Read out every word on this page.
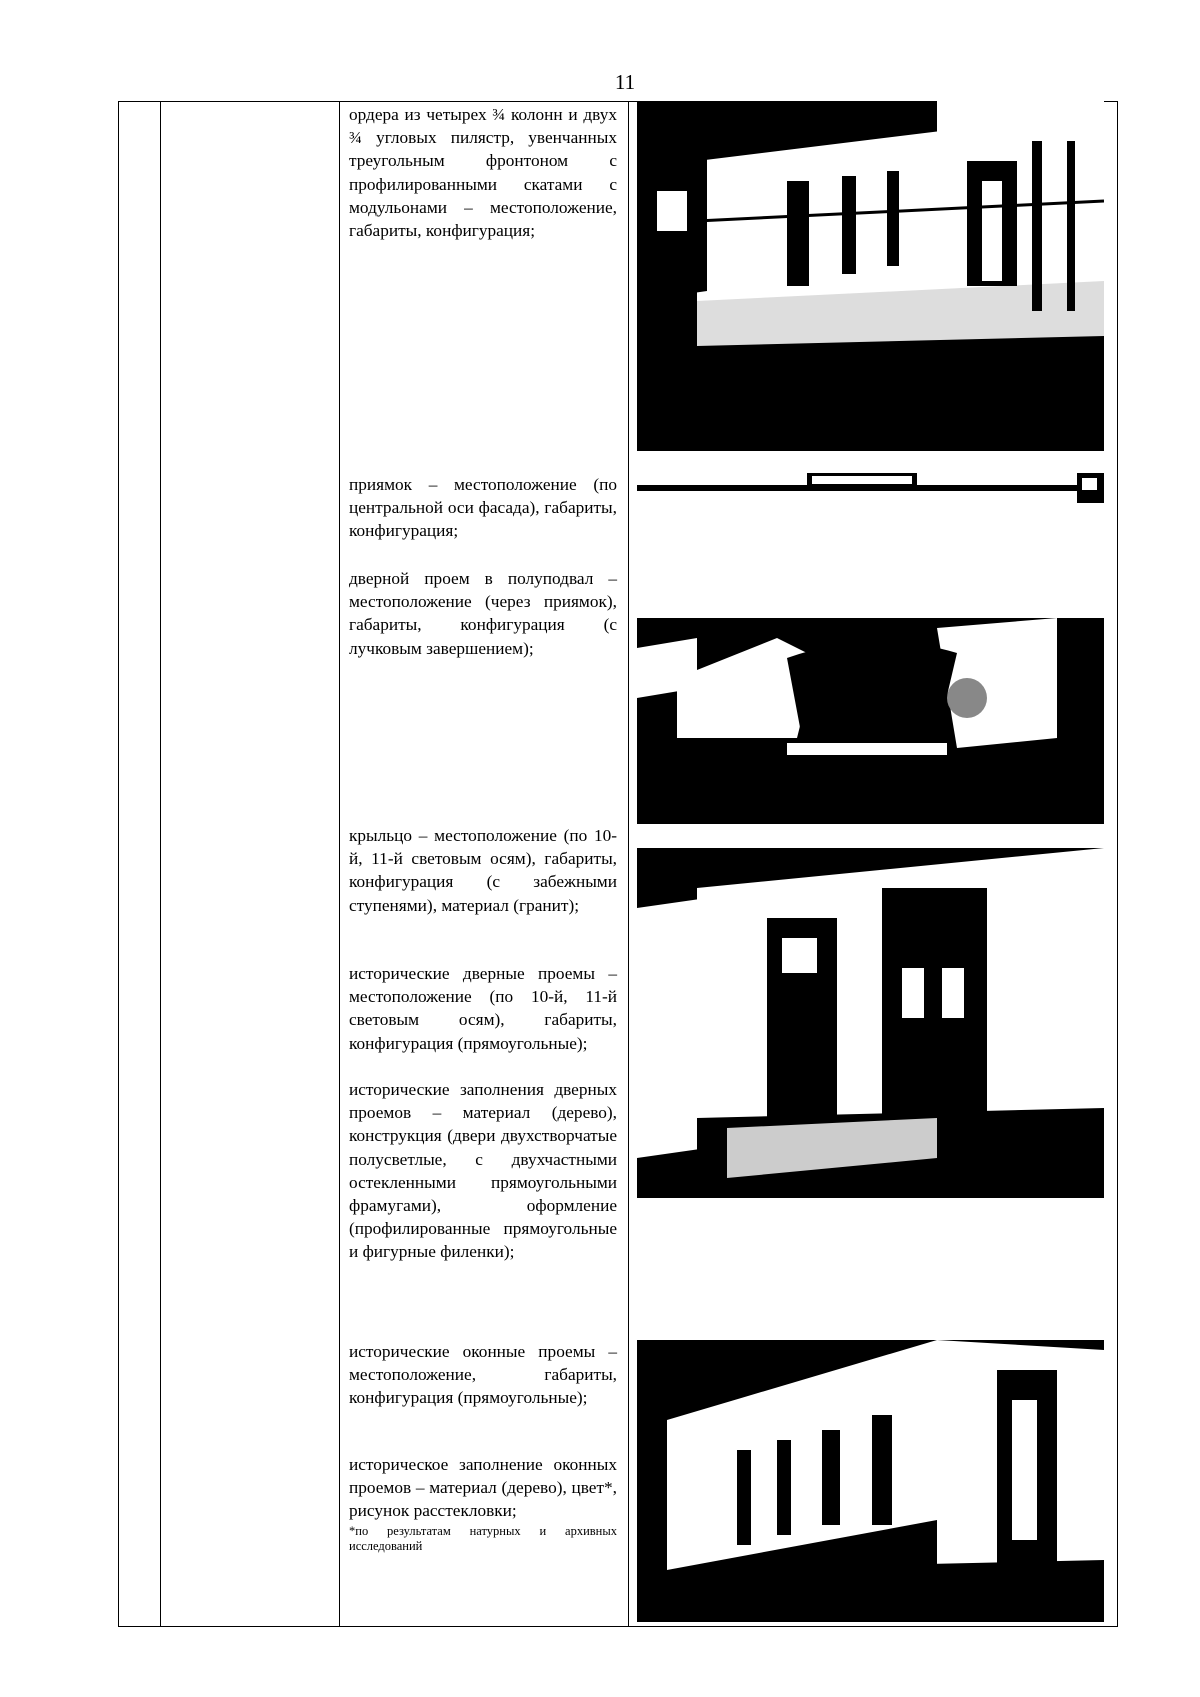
11
ордера из четырех ¾ колонн и двух ¾ угловых пилястр, увенчанных треугольным фронтоном с профилированными скатами с модульонами – местоположение, габариты, конфигурация;
приямок – местоположение (по центральной оси фасада), габариты, конфигурация;
дверной проем в полуподвал – местоположение (через приямок), габариты, конфигурация (с лучковым завершением);
крыльцо – местоположение (по 10-й, 11-й световым осям), габариты, конфигурация (с забежными ступенями), материал (гранит);
исторические дверные проемы – местоположение (по 10-й, 11-й световым осям), габариты, конфигурация (прямоугольные);
исторические заполнения дверных проемов – материал (дерево), конструкция (двери двухстворчатые полусветлые, с двухчастными остекленными прямоугольными фрамугами), оформление (профилированные прямоугольные и фигурные филенки);
исторические оконные проемы – местоположение, габариты, конфигурация (прямоугольные);
историческое заполнение оконных проемов – материал (дерево), цвет*, рисунок расстекловки;
*по результатам натурных и архивных исследований
